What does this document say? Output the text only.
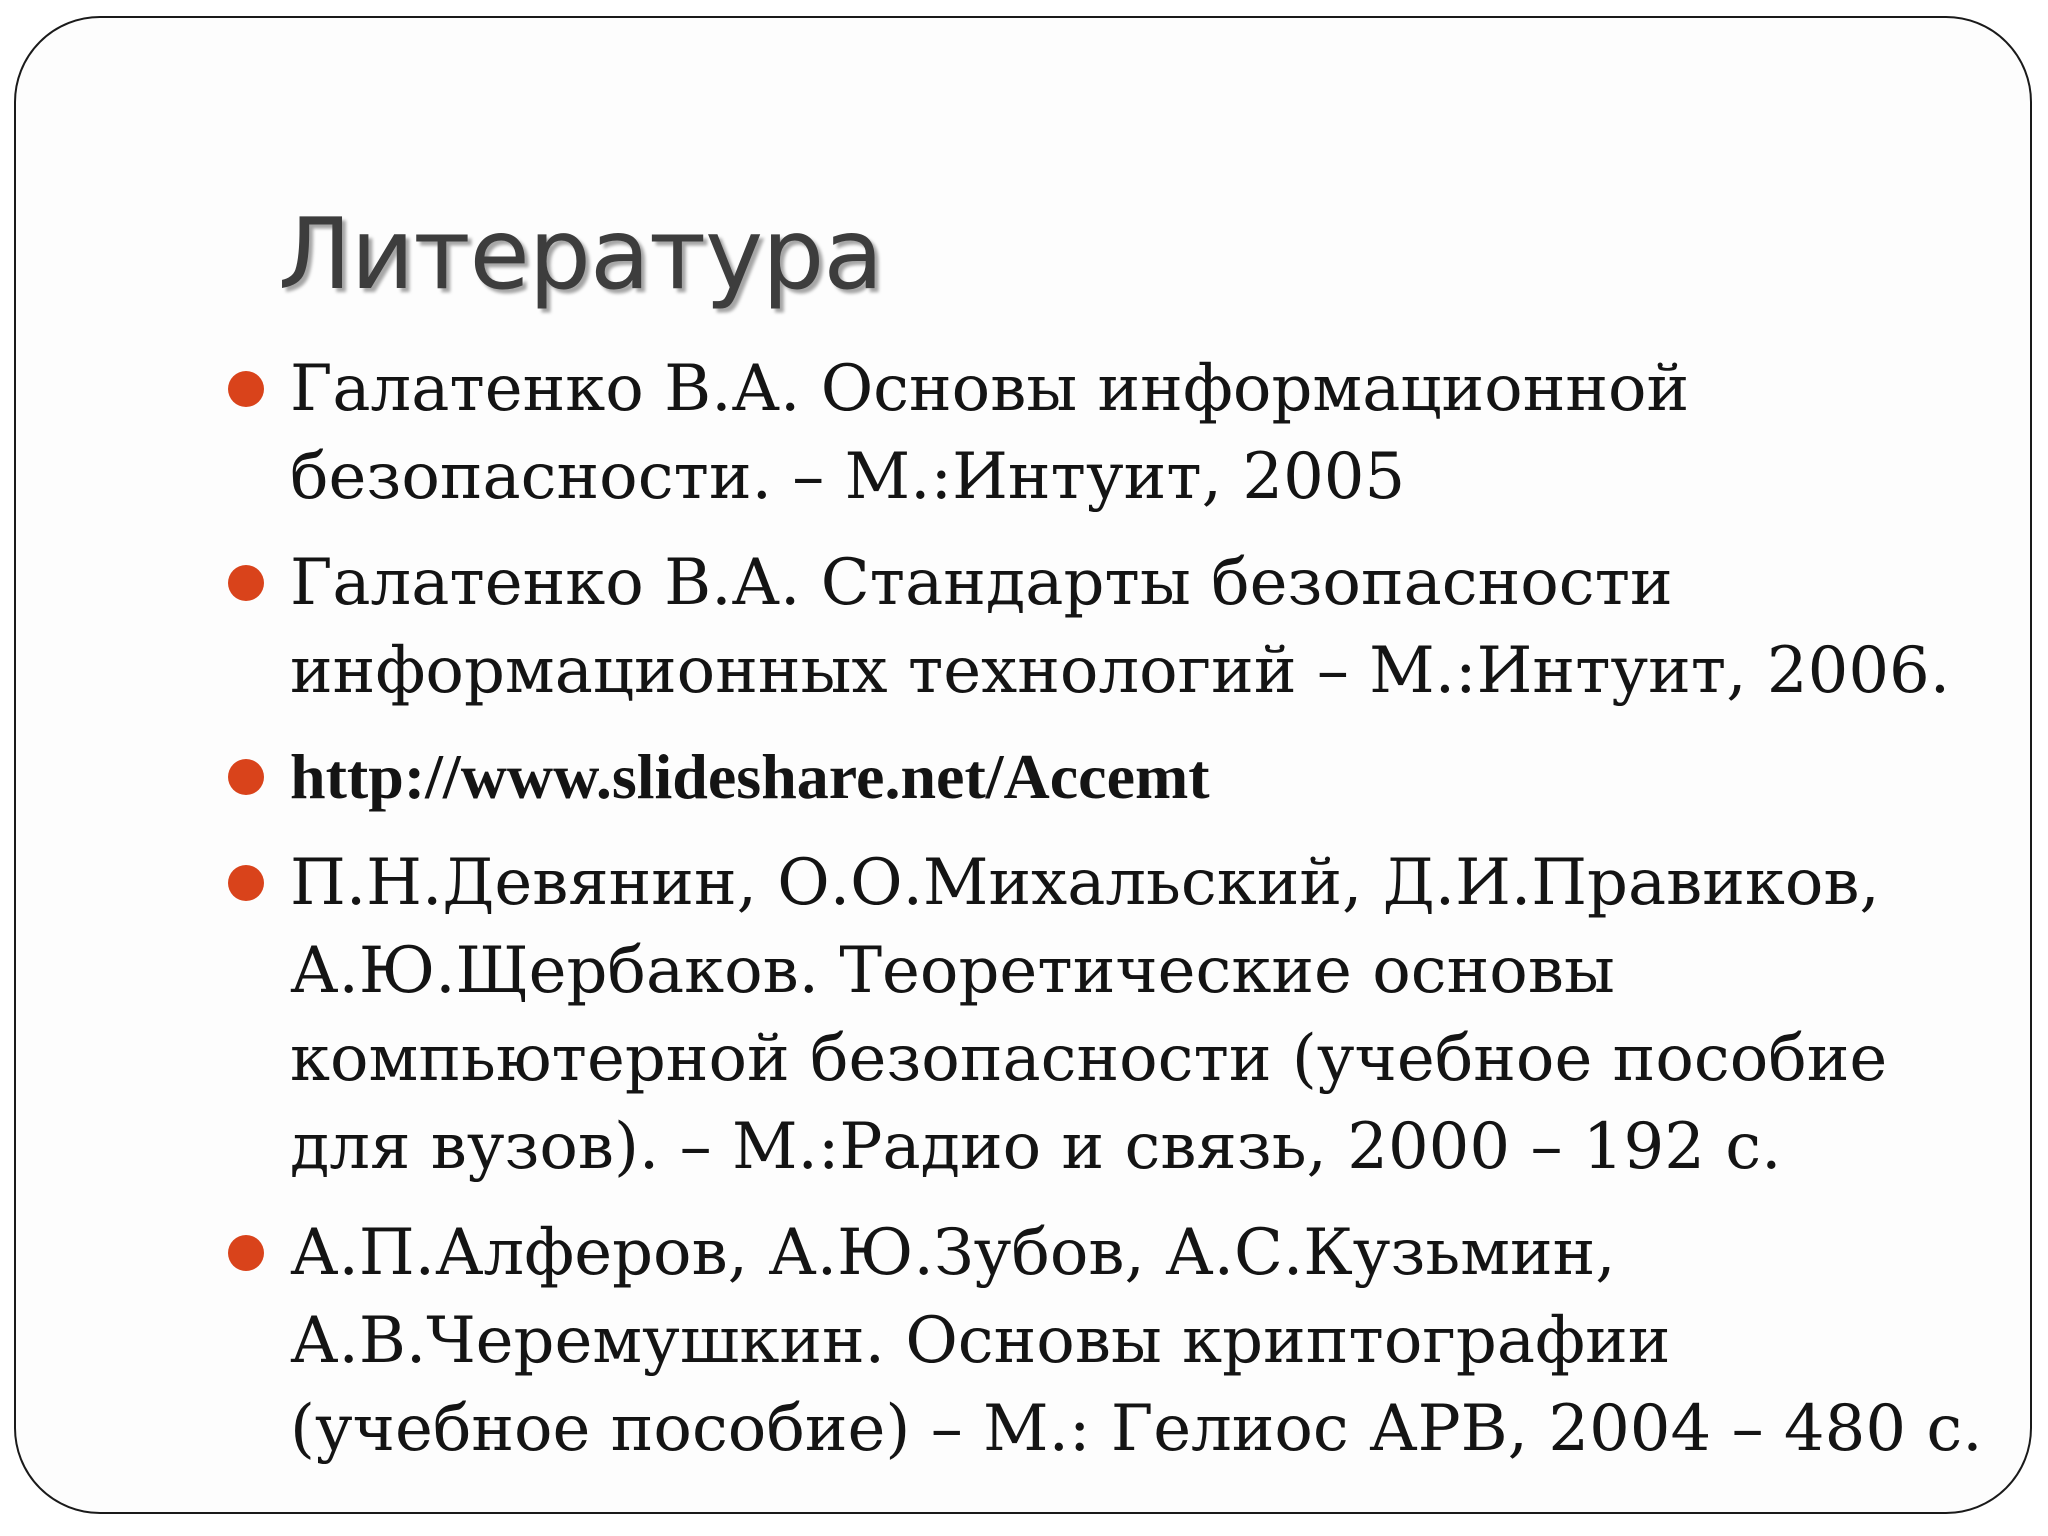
Литература
Галатенко В.А. Основы информационной безопасности. – М.:Интуит, 2005
Галатенко В.А. Стандарты безопасности информационных технологий – М.:Интуит, 2006.
http://www.slideshare.net/Accemt
П.Н.Девянин, О.О.Михальский, Д.И.Правиков, А.Ю.Щербаков. Теоретические основы компьютерной безопасности (учебное пособие для вузов). – М.:Радио и связь, 2000 – 192 с.
А.П.Алферов, А.Ю.Зубов, А.С.Кузьмин, А.В.Черемушкин. Основы криптографии (учебное пособие) – М.: Гелиос АРВ, 2004 – 480 с.
